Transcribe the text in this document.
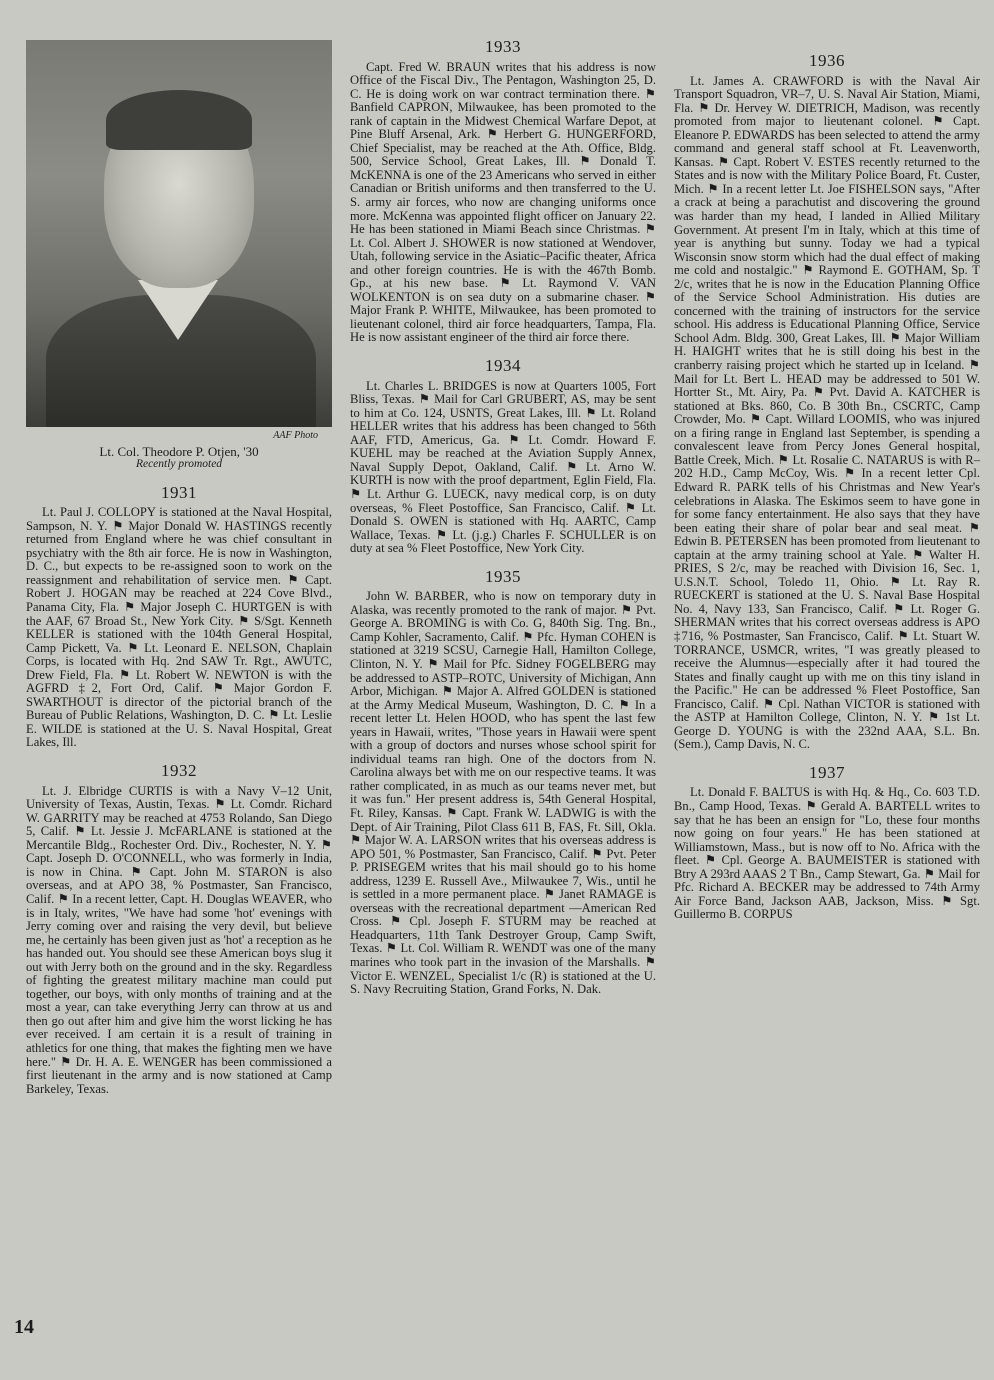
AAF Photo
Lt. Col. Theodore P. Otjen, '30
Recently promoted
1931

Lt. Paul J. COLLOPY is stationed at the Naval Hospital, Sampson, N. Y. ⚑ Major Donald W. HASTINGS recently returned from England where he was chief consultant in psychiatry with the 8th air force. He is now in Washington, D. C., but expects to be re-assigned soon to work on the reassignment and rehabilitation of service men. ⚑ Capt. Robert J. HOGAN may be reached at 224 Cove Blvd., Panama City, Fla. ⚑ Major Joseph C. HURTGEN is with the AAF, 67 Broad St., New York City. ⚑ S/Sgt. Kenneth KELLER is stationed with the 104th General Hospital, Camp Pickett, Va. ⚑ Lt. Leonard E. NELSON, Chaplain Corps, is located with Hq. 2nd SAW Tr. Rgt., AWUTC, Drew Field, Fla. ⚑ Lt. Robert W. NEWTON is with the AGFRD ‡2, Fort Ord, Calif. ⚑ Major Gordon F. SWARTHOUT is director of the pictorial branch of the Bureau of Public Relations, Washington, D. C. ⚑ Lt. Leslie E. WILDE is stationed at the U. S. Naval Hospital, Great Lakes, Ill.

1932

Lt. J. Elbridge CURTIS is with a Navy V–12 Unit, University of Texas, Austin, Texas. ⚑ Lt. Comdr. Richard W. GARRITY may be reached at 4753 Rolando, San Diego 5, Calif. ⚑ Lt. Jessie J. McFARLANE is stationed at the Mercantile Bldg., Rochester Ord. Div., Rochester, N. Y. ⚑ Capt. Joseph D. O'CONNELL, who was formerly in India, is now in China. ⚑ Capt. John M. STARON is also overseas, and at APO 38, % Postmaster, San Francisco, Calif. ⚑ In a recent letter, Capt. H. Douglas WEAVER, who is in Italy, writes, "We have had some 'hot' evenings with Jerry coming over and raising the very devil, but believe me, he certainly has been given just as 'hot' a reception as he has handed out. You should see these American boys slug it out with Jerry both on the ground and in the sky. Regardless of fighting the greatest military machine man could put together, our boys, with only months of training and at the most a year, can take everything Jerry can throw at us and then go out after him and give him the worst licking he has ever received. I am certain it is a result of training in athletics for one thing, that makes the fighting men we have here." ⚑ Dr. H. A. E. WENGER has been commissioned a first lieutenant in the army and is now stationed at Camp Barkeley, Texas.

1933

Capt. Fred W. BRAUN writes that his address is now Office of the Fiscal Div., The Pentagon, Washington 25, D. C. He is doing work on war contract termination there. ⚑ Banfield CAPRON, Milwaukee, has been promoted to the rank of captain in the Midwest Chemical Warfare Depot, at Pine Bluff Arsenal, Ark. ⚑ Herbert G. HUNGERFORD, Chief Specialist, may be reached at the Ath. Office, Bldg. 500, Service School, Great Lakes, Ill. ⚑ Donald T. McKENNA is one of the 23 Americans who served in either Canadian or British uniforms and then transferred to the U. S. army air forces, who now are changing uniforms once more. McKenna was appointed flight officer on January 22. He has been stationed in Miami Beach since Christmas. ⚑ Lt. Col. Albert J. SHOWER is now stationed at Wendover, Utah, following service in the Asiatic–Pacific theater, Africa and other foreign countries. He is with the 467th Bomb. Gp., at his new base. ⚑ Lt. Raymond V. VAN WOLKENTON is on sea duty on a submarine chaser. ⚑ Major Frank P. WHITE, Milwaukee, has been promoted to lieutenant colonel, third air force headquarters, Tampa, Fla. He is now assistant engineer of the third air force there.

1934

Lt. Charles L. BRIDGES is now at Quarters 1005, Fort Bliss, Texas. ⚑ Mail for Carl GRUBERT, AS, may be sent to him at Co. 124, USNTS, Great Lakes, Ill. ⚑ Lt. Roland HELLER writes that his address has been changed to 56th AAF, FTD, Americus, Ga. ⚑ Lt. Comdr. Howard F. KUEHL may be reached at the Aviation Supply Annex, Naval Supply Depot, Oakland, Calif. ⚑ Lt. Arno W. KURTH is now with the proof department, Eglin Field, Fla. ⚑ Lt. Arthur G. LUECK, navy medical corp, is on duty overseas, % Fleet Postoffice, San Francisco, Calif. ⚑ Lt. Donald S. OWEN is stationed with Hq. AARTC, Camp Wallace, Texas. ⚑ Lt. (j.g.) Charles F. SCHULLER is on duty at sea % Fleet Postoffice, New York City.

1935

John W. BARBER, who is now on temporary duty in Alaska, was recently promoted to the rank of major. ⚑ Pvt. George A. BROMING is with Co. G, 840th Sig. Tng. Bn., Camp Kohler, Sacramento, Calif. ⚑ Pfc. Hyman COHEN is stationed at 3219 SCSU, Carnegie Hall, Hamilton College, Clinton, N. Y. ⚑ Mail for Pfc. Sidney FOGELBERG may be addressed to ASTP–ROTC, University of Michigan, Ann Arbor, Michigan. ⚑ Major A. Alfred GOLDEN is stationed at the Army Medical Museum, Washington, D. C. ⚑ In a recent letter Lt. Helen HOOD, who has spent the last few years in Hawaii, writes, "Those years in Hawaii were spent with a group of doctors and nurses whose school spirit for individual teams ran high. One of the doctors from N. Carolina always bet with me on our respective teams. It was rather complicated, in as much as our teams never met, but it was fun." Her present address is, 54th General Hospital, Ft. Riley, Kansas. ⚑ Capt. Frank W. LADWIG is with the Dept. of Air Training, Pilot Class 611 B, FAS, Ft. Sill, Okla. ⚑ Major W. A. LARSON writes that his overseas address is APO 501, % Postmaster, San Francisco, Calif. ⚑ Pvt. Peter P. PRISEGEM writes that his mail should go to his home address, 1239 E. Russell Ave., Milwaukee 7, Wis., until he is settled in a more permanent place. ⚑ Janet RAMAGE is overseas with the recreational department —American Red Cross. ⚑ Cpl. Joseph F. STURM may be reached at Headquarters, 11th Tank Destroyer Group, Camp Swift, Texas. ⚑ Lt. Col. William R. WENDT was one of the many marines who took part in the invasion of the Marshalls. ⚑ Victor E. WENZEL, Specialist 1/c (R) is stationed at the U. S. Navy Recruiting Station, Grand Forks, N. Dak.

1936

Lt. James A. CRAWFORD is with the Naval Air Transport Squadron, VR–7, U. S. Naval Air Station, Miami, Fla. ⚑ Dr. Hervey W. DIETRICH, Madison, was recently promoted from major to lieutenant colonel. ⚑ Capt. Eleanore P. EDWARDS has been selected to attend the army command and general staff school at Ft. Leavenworth, Kansas. ⚑ Capt. Robert V. ESTES recently returned to the States and is now with the Military Police Board, Ft. Custer, Mich. ⚑ In a recent letter Lt. Joe FISHELSON says, "After a crack at being a parachutist and discovering the ground was harder than my head, I landed in Allied Military Government. At present I'm in Italy, which at this time of year is anything but sunny. Today we had a typical Wisconsin snow storm which had the dual effect of making me cold and nostalgic." ⚑ Raymond E. GOTHAM, Sp. T 2/c, writes that he is now in the Education Planning Office of the Service School Administration. His duties are concerned with the training of instructors for the service school. His address is Educational Planning Office, Service School Adm. Bldg. 300, Great Lakes, Ill. ⚑ Major William H. HAIGHT writes that he is still doing his best in the cranberry raising project which he started up in Iceland. ⚑ Mail for Lt. Bert L. HEAD may be addressed to 501 W. Hortter St., Mt. Airy, Pa. ⚑ Pvt. David A. KATCHER is stationed at Bks. 860, Co. B 30th Bn., CSCRTC, Camp Crowder, Mo. ⚑ Capt. Willard LOOMIS, who was injured on a firing range in England last September, is spending a convalescent leave from Percy Jones General hospital, Battle Creek, Mich. ⚑ Lt. Rosalie C. NATARUS is with R–202 H.D., Camp McCoy, Wis. ⚑ In a recent letter Cpl. Edward R. PARK tells of his Christmas and New Year's celebrations in Alaska. The Eskimos seem to have gone in for some fancy entertainment. He also says that they have been eating their share of polar bear and seal meat. ⚑ Edwin B. PETERSEN has been promoted from lieutenant to captain at the army training school at Yale. ⚑ Walter H. PRIES, S 2/c, may be reached with Division 16, Sec. 1, U.S.N.T. School, Toledo 11, Ohio. ⚑ Lt. Ray R. RUECKERT is stationed at the U. S. Naval Base Hospital No. 4, Navy 133, San Francisco, Calif. ⚑ Lt. Roger G. SHERMAN writes that his correct overseas address is APO ‡716, % Postmaster, San Francisco, Calif. ⚑ Lt. Stuart W. TORRANCE, USMCR, writes, "I was greatly pleased to receive the Alumnus—especially after it had toured the States and finally caught up with me on this tiny island in the Pacific." He can be addressed % Fleet Postoffice, San Francisco, Calif. ⚑ Cpl. Nathan VICTOR is stationed with the ASTP at Hamilton College, Clinton, N. Y. ⚑ 1st Lt. George D. YOUNG is with the 232nd AAA, S.L. Bn. (Sem.), Camp Davis, N. C.

1937

Lt. Donald F. BALTUS is with Hq. & Hq., Co. 603 T.D. Bn., Camp Hood, Texas. ⚑ Gerald A. BARTELL writes to say that he has been an ensign for "Lo, these four months now going on four years." He has been stationed at Williamstown, Mass., but is now off to No. Africa with the fleet. ⚑ Cpl. George A. BAUMEISTER is stationed with Btry A 293rd AAAS 2 T Bn., Camp Stewart, Ga. ⚑ Mail for Pfc. Richard A. BECKER may be addressed to 74th Army Air Force Band, Jackson AAB, Jackson, Miss. ⚑ Sgt. Guillermo B. CORPUS

14
